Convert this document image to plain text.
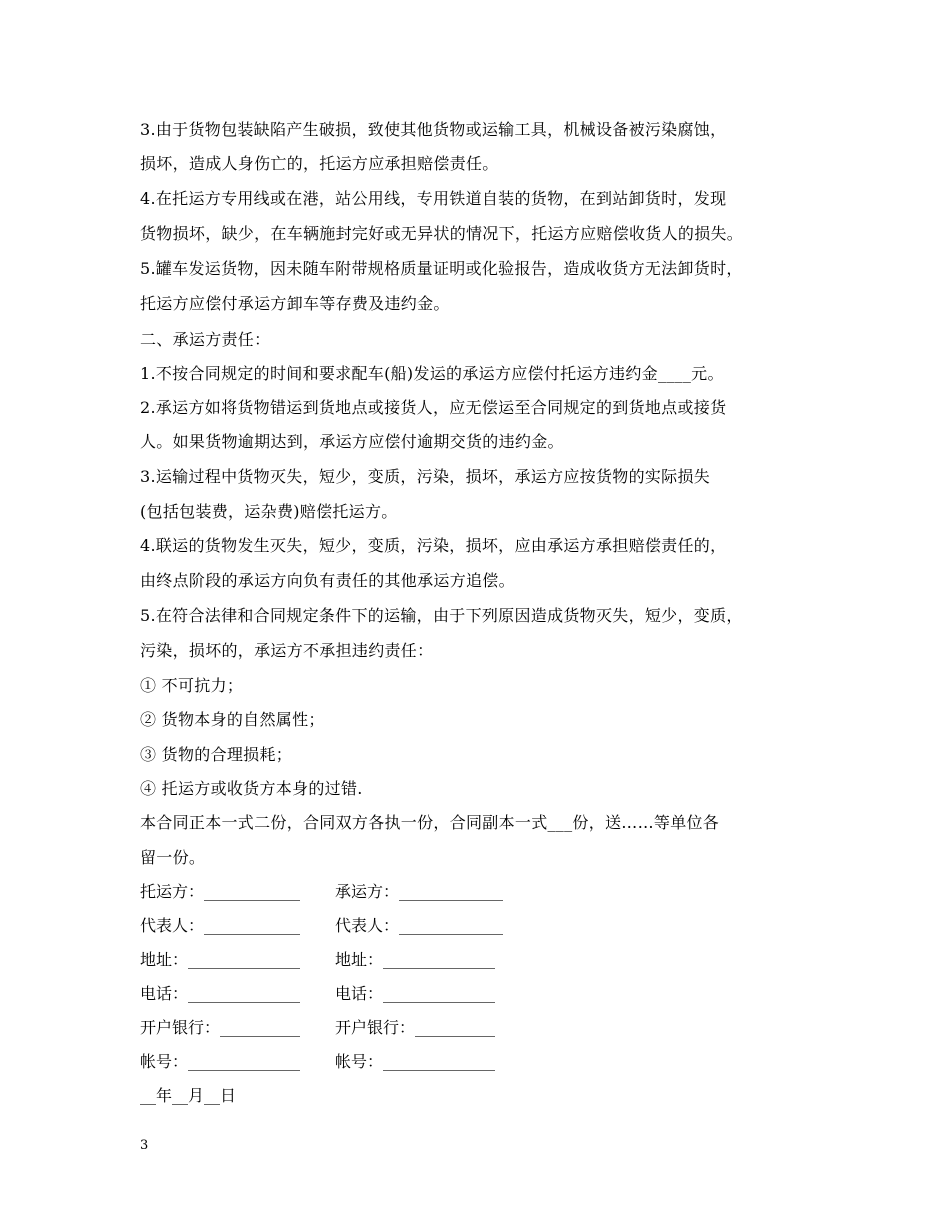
3.由于货物包装缺陷产生破损，致使其他货物或运输工具，机械设备被污染腐蚀，
损坏，造成人身伤亡的，托运方应承担赔偿责任。
4.在托运方专用线或在港，站公用线，专用铁道自装的货物，在到站卸货时，发现
货物损坏，缺少，在车辆施封完好或无异状的情况下，托运方应赔偿收货人的损失。
5.罐车发运货物，因未随车附带规格质量证明或化验报告，造成收货方无法卸货时，
托运方应偿付承运方卸车等存费及违约金。
二、承运方责任：
1.不按合同规定的时间和要求配车(船)发运的承运方应偿付托运方违约金____元。
2.承运方如将货物错运到货地点或接货人，应无偿运至合同规定的到货地点或接货
人。如果货物逾期达到，承运方应偿付逾期交货的违约金。
3.运输过程中货物灭失，短少，变质，污染，损坏，承运方应按货物的实际损失
(包括包装费，运杂费)赔偿托运方。
4.联运的货物发生灭失，短少，变质，污染，损坏，应由承运方承担赔偿责任的，
由终点阶段的承运方向负有责任的其他承运方追偿。
5.在符合法律和合同规定条件下的运输，由于下列原因造成货物灭失，短少，变质，
污染，损坏的，承运方不承担违约责任：
① 不可抗力；
② 货物本身的自然属性；
③ 货物的合理损耗；
④ 托运方或收货方本身的过错.
本合同正本一式二份，合同双方各执一份，合同副本一式___份，送……等单位各
留一份。
托运方：____________ 承运方：_____________
代表人：____________ 代表人：_____________
地址：______________ 地址：______________
电话：______________ 电话：______________
开户银行：__________ 开户银行：__________
帐号：______________ 帐号：______________
__年__月__日
3
